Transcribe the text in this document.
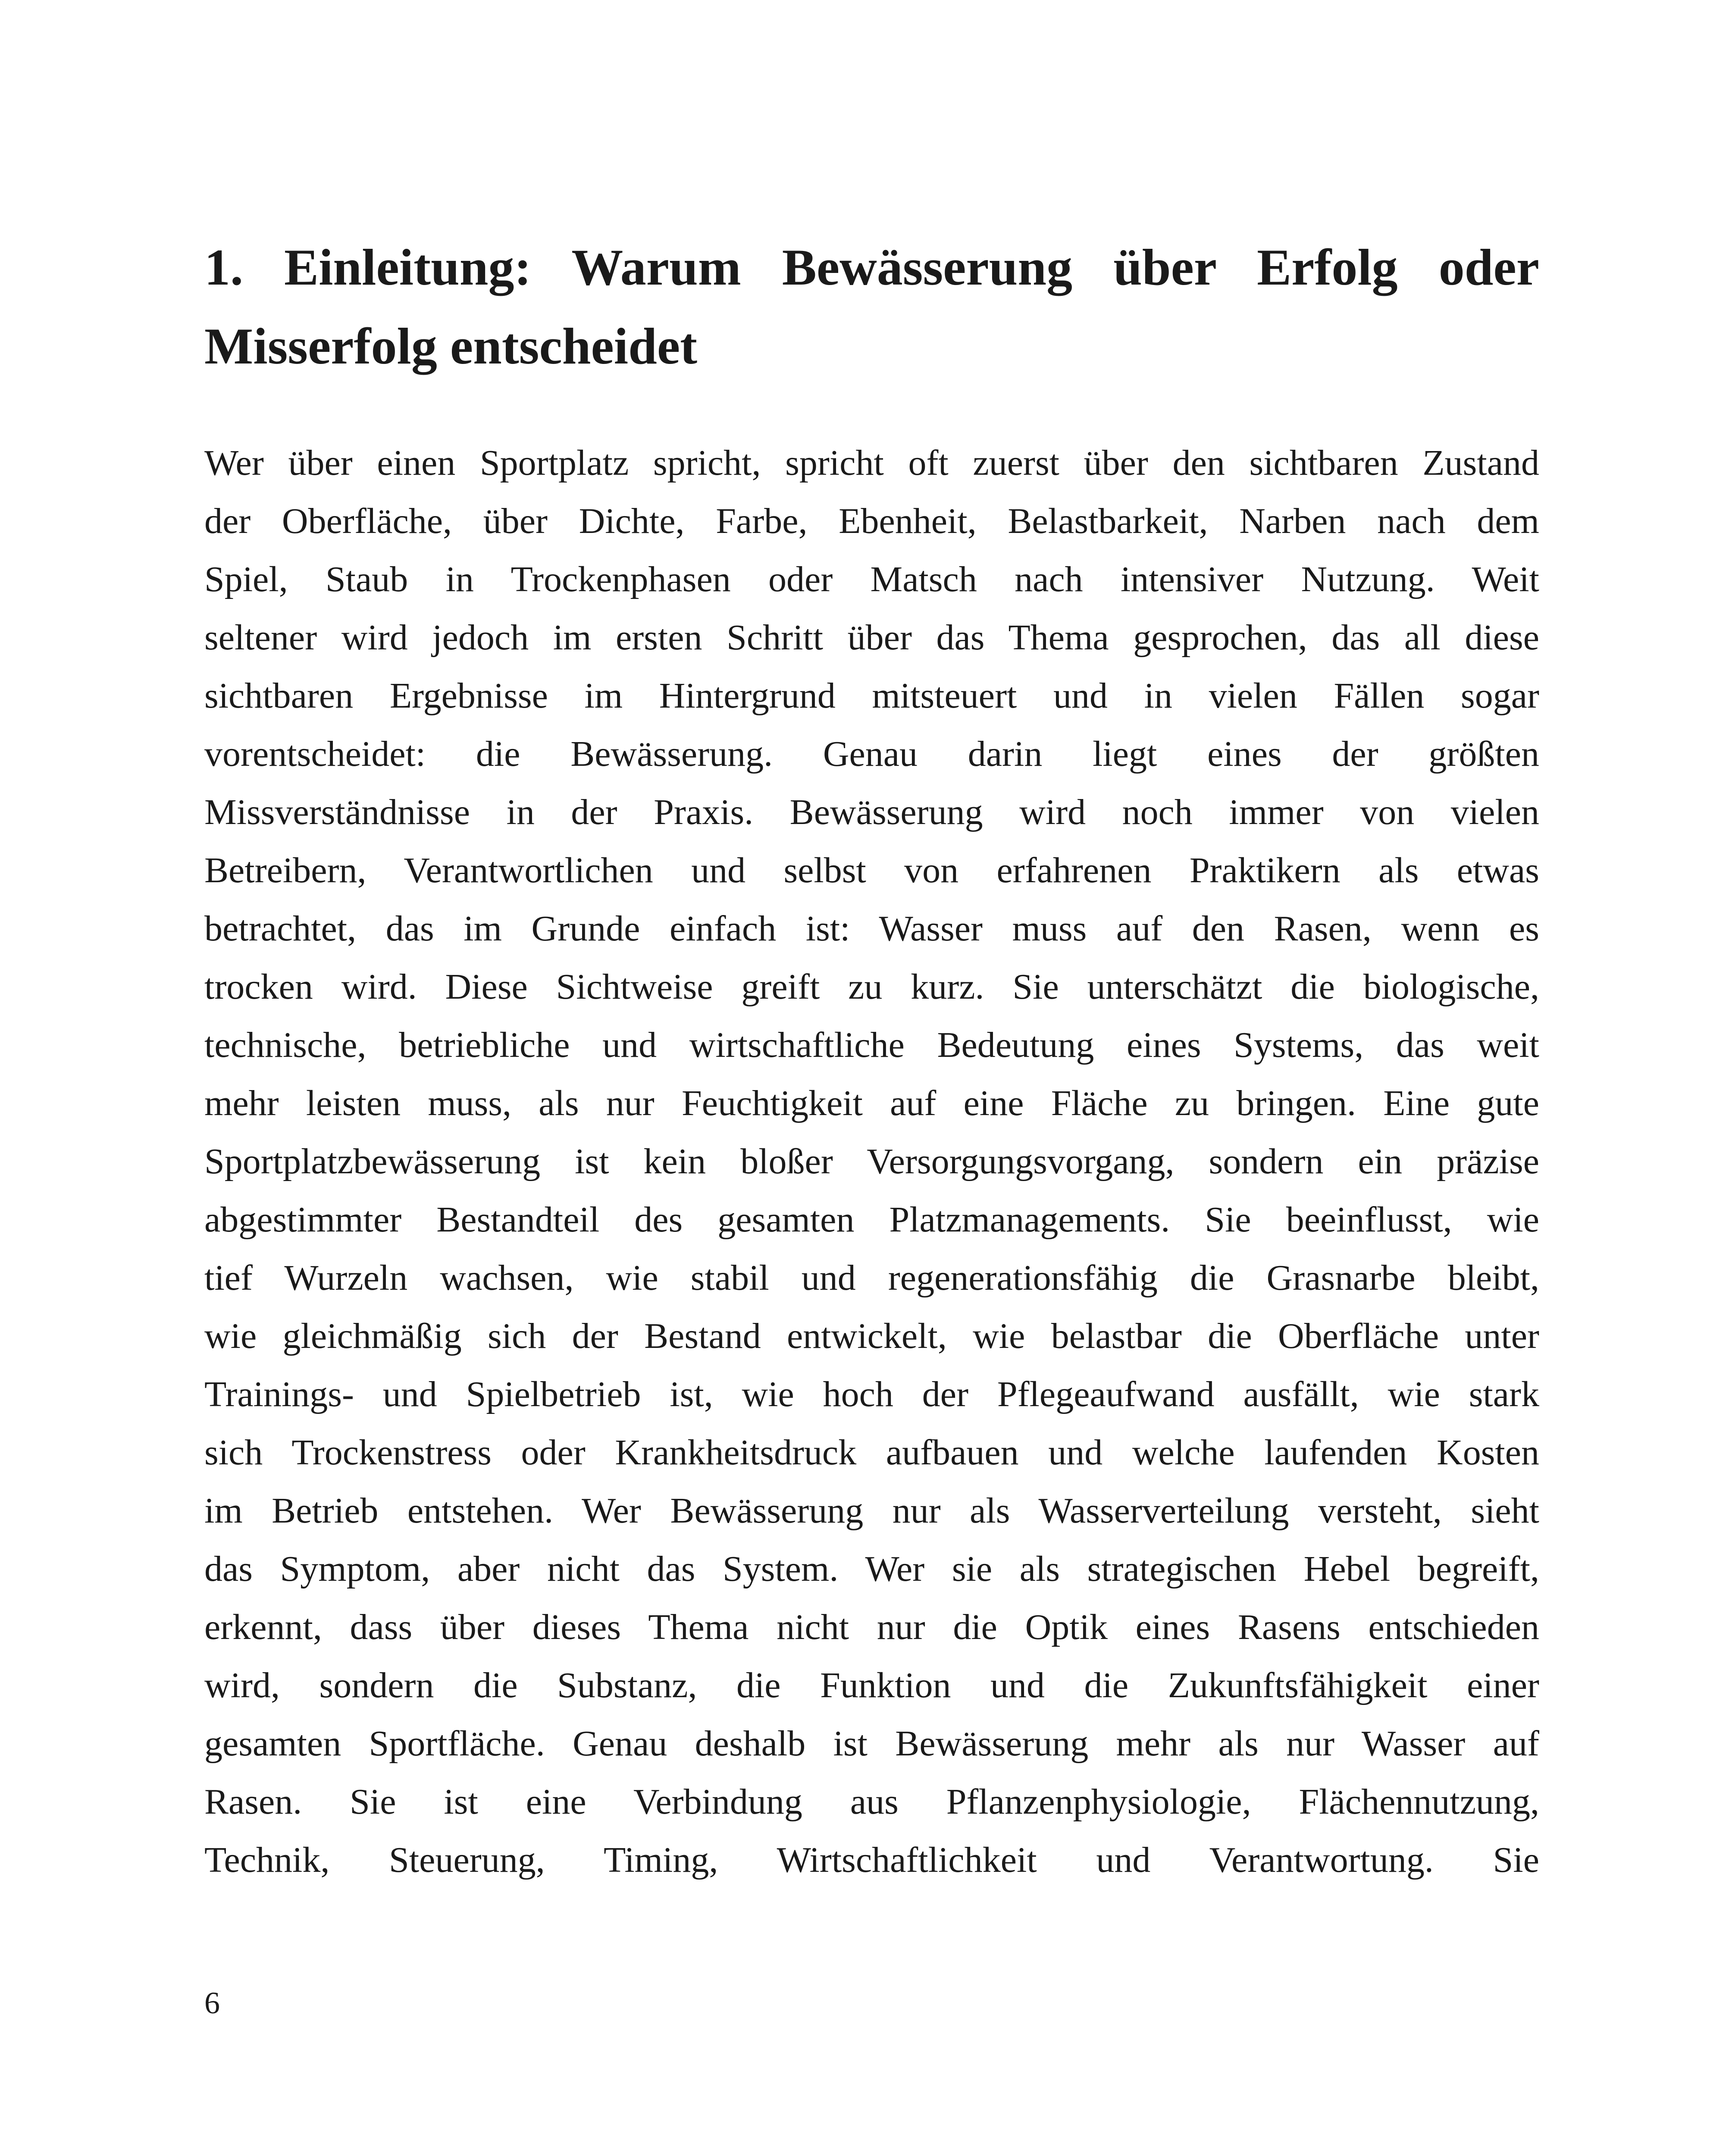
1. Einleitung: Warum Bewässerung über Erfolg oder Misserfolg entscheidet
Wer über einen Sportplatz spricht, spricht oft zuerst über den sichtbaren Zustand
der Oberfläche, über Dichte, Farbe, Ebenheit, Belastbarkeit, Narben nach dem
Spiel, Staub in Trockenphasen oder Matsch nach intensiver Nutzung. Weit
seltener wird jedoch im ersten Schritt über das Thema gesprochen, das all diese
sichtbaren Ergebnisse im Hintergrund mitsteuert und in vielen Fällen sogar
vorentscheidet: die Bewässerung. Genau darin liegt eines der größten
Missverständnisse in der Praxis. Bewässerung wird noch immer von vielen
Betreibern, Verantwortlichen und selbst von erfahrenen Praktikern als etwas
betrachtet, das im Grunde einfach ist: Wasser muss auf den Rasen, wenn es
trocken wird. Diese Sichtweise greift zu kurz. Sie unterschätzt die biologische,
technische, betriebliche und wirtschaftliche Bedeutung eines Systems, das weit
mehr leisten muss, als nur Feuchtigkeit auf eine Fläche zu bringen. Eine gute
Sportplatzbewässerung ist kein bloßer Versorgungsvorgang, sondern ein präzise
abgestimmter Bestandteil des gesamten Platzmanagements. Sie beeinflusst, wie
tief Wurzeln wachsen, wie stabil und regenerationsfähig die Grasnarbe bleibt,
wie gleichmäßig sich der Bestand entwickelt, wie belastbar die Oberfläche unter
Trainings- und Spielbetrieb ist, wie hoch der Pflegeaufwand ausfällt, wie stark
sich Trockenstress oder Krankheitsdruck aufbauen und welche laufenden Kosten
im Betrieb entstehen. Wer Bewässerung nur als Wasserverteilung versteht, sieht
das Symptom, aber nicht das System. Wer sie als strategischen Hebel begreift,
erkennt, dass über dieses Thema nicht nur die Optik eines Rasens entschieden
wird, sondern die Substanz, die Funktion und die Zukunftsfähigkeit einer
gesamten Sportfläche. Genau deshalb ist Bewässerung mehr als nur Wasser auf
Rasen. Sie ist eine Verbindung aus Pflanzenphysiologie, Flächennutzung,
Technik, Steuerung, Timing, Wirtschaftlichkeit und Verantwortung. Sie
6
